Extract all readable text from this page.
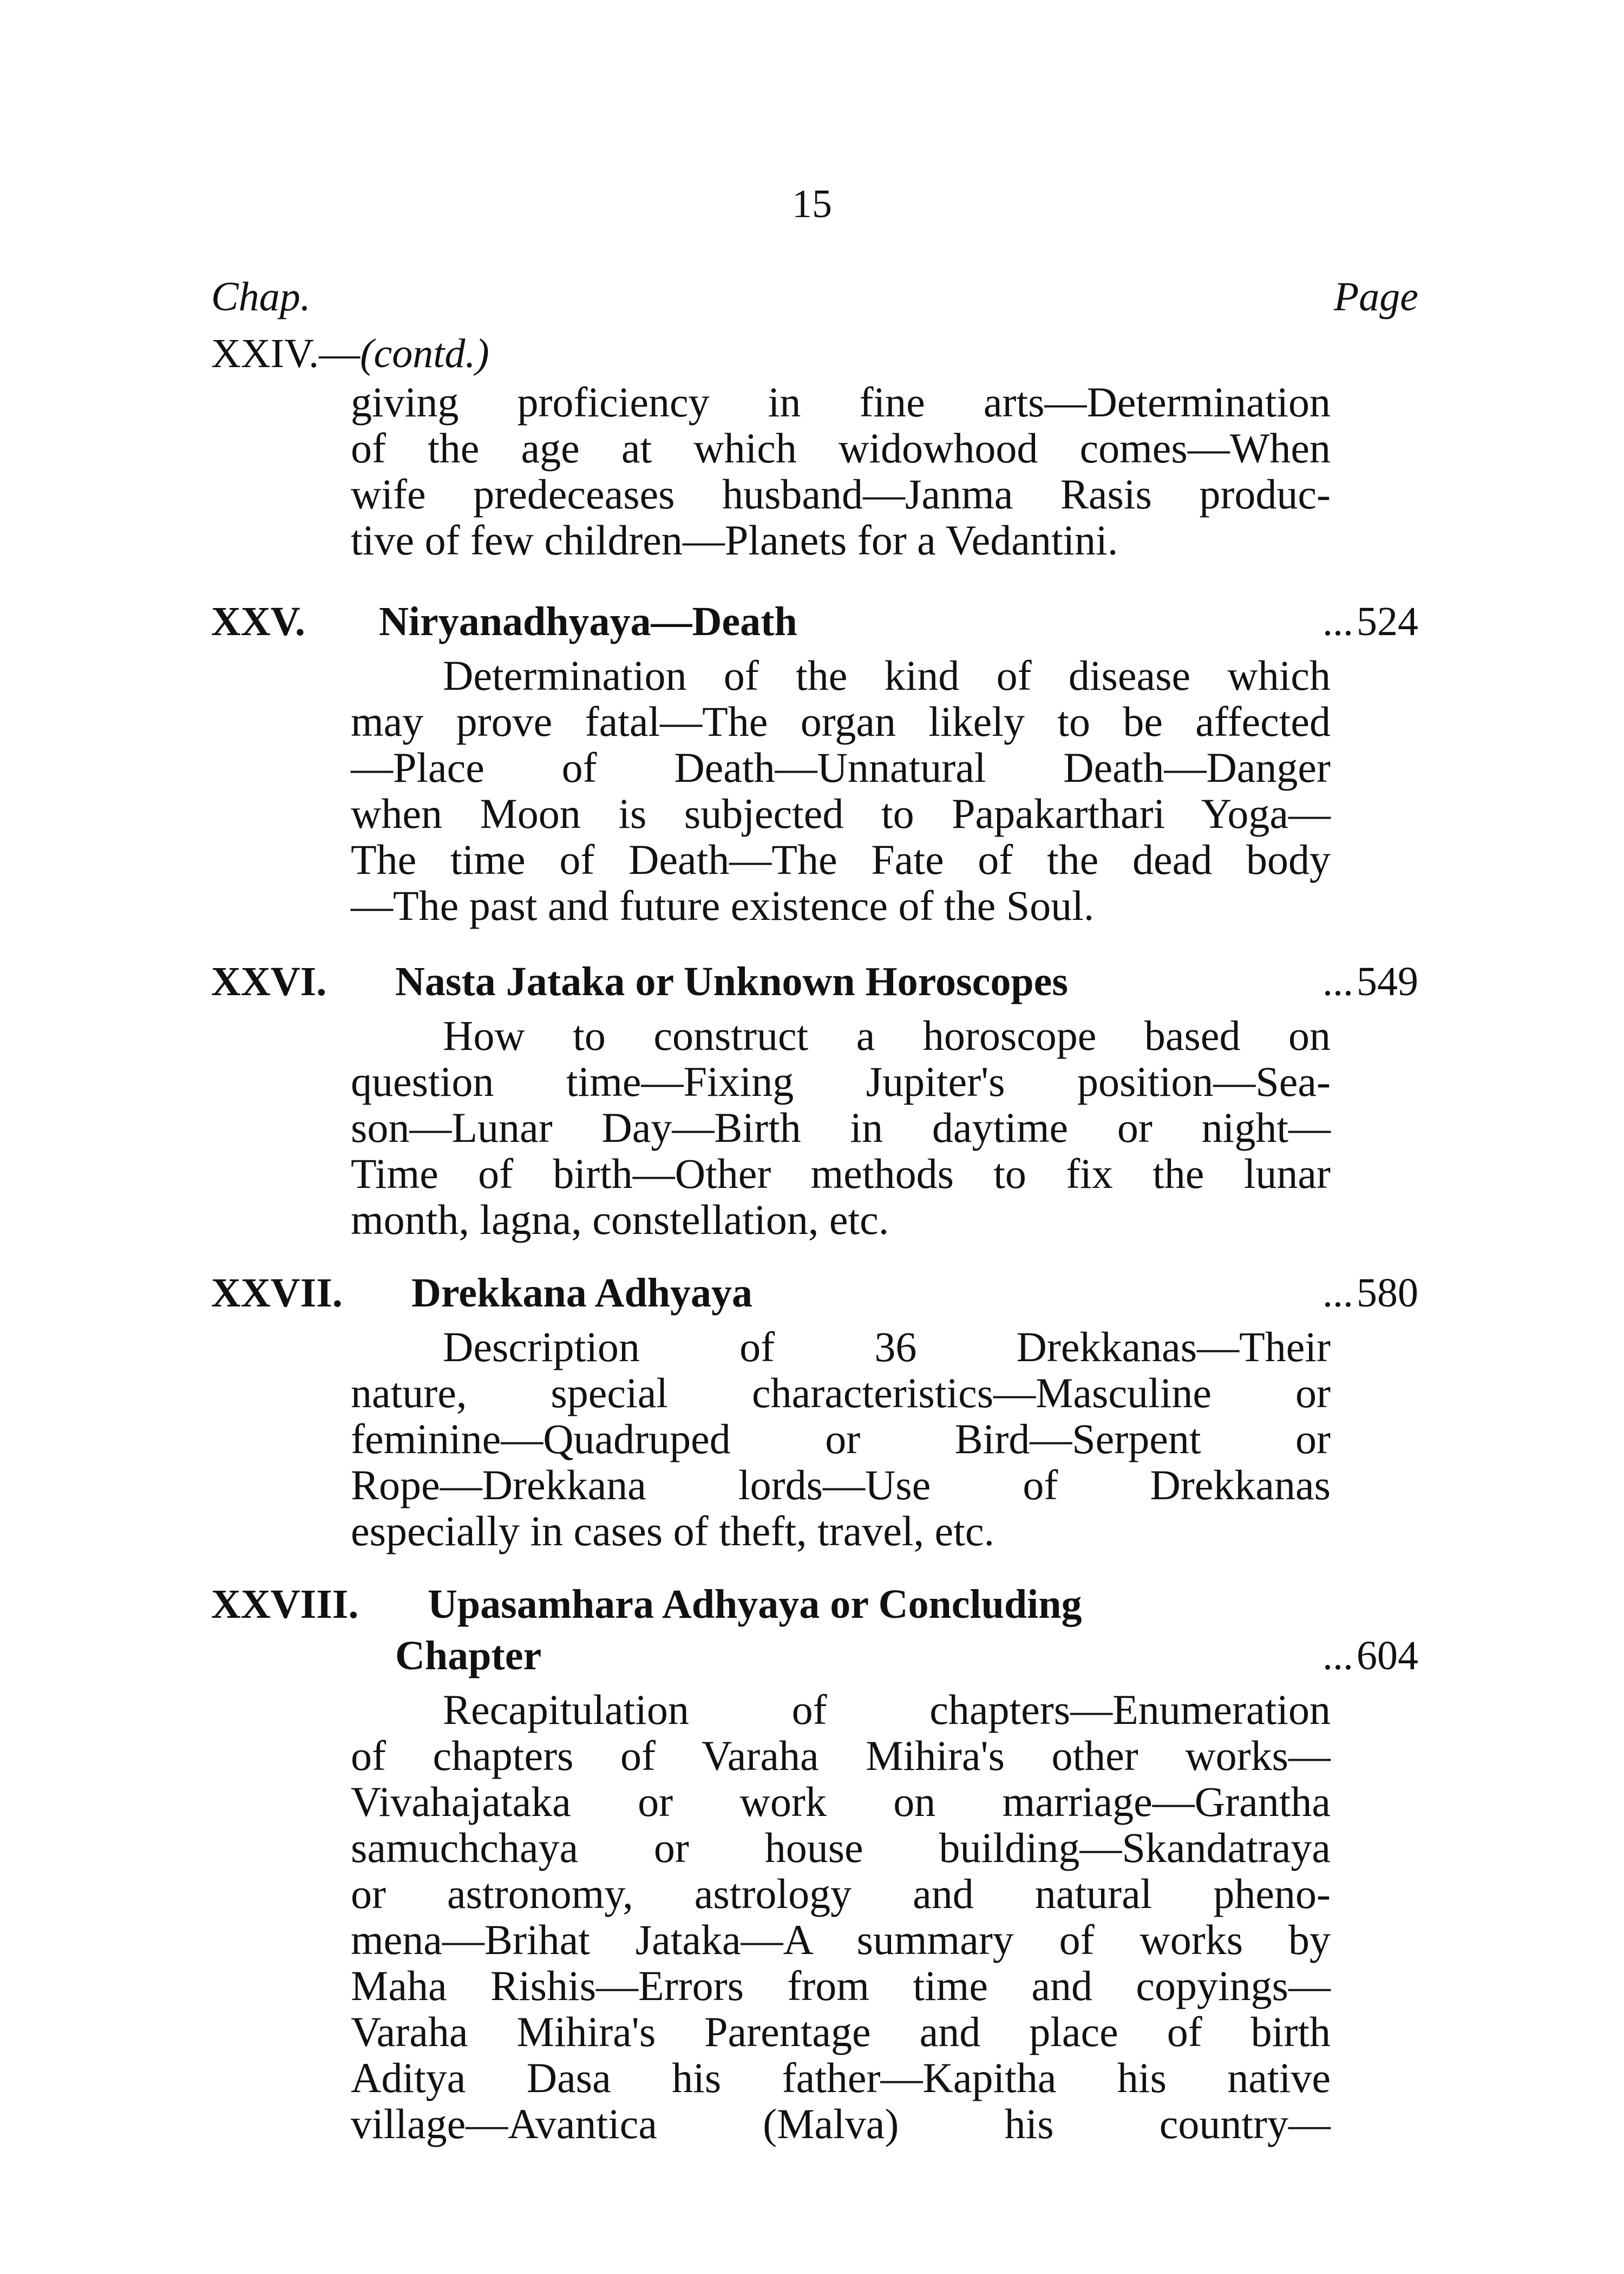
15
Chap.	Page
XXIV.—(contd.)
giving proficiency in fine arts—Determination
of the age at which widowhood comes—When
wife predeceases husband—Janma Rasis produc-
tive of few children—Planets for a Vedantini.
XXV. Niryanadhyaya—Death	... 524
Determination of the kind of disease which
may prove fatal—The organ likely to be affected
—Place of Death—Unnatural Death—Danger
when Moon is subjected to Papakarthari Yoga—
The time of Death—The Fate of the dead body
—The past and future existence of the Soul.
XXVI. Nasta Jataka or Unknown Horoscopes	... 549
How to construct a horoscope based on
question time—Fixing Jupiter's position—Sea-
son—Lunar Day—Birth in daytime or night—
Time of birth—Other methods to fix the lunar
month, lagna, constellation, etc.
XXVII. Drekkana Adhyaya	... 580
Description of 36 Drekkanas—Their
nature, special characteristics—Masculine or
feminine—Quadruped or Bird—Serpent or
Rope—Drekkana lords—Use of Drekkanas
especially in cases of theft, travel, etc.
XXVIII. Upasamhara Adhyaya or Concluding
Chapter	... 604
Recapitulation of chapters—Enumeration
of chapters of Varaha Mihira's other works—
Vivahajataka or work on marriage—Grantha
samuchchaya or house building—Skandatraya
or astronomy, astrology and natural pheno-
mena—Brihat Jataka—A summary of works by
Maha Rishis—Errors from time and copyings—
Varaha Mihira's Parentage and place of birth
Aditya Dasa his father—Kapitha his native
village—Avantica (Malva) his country—
